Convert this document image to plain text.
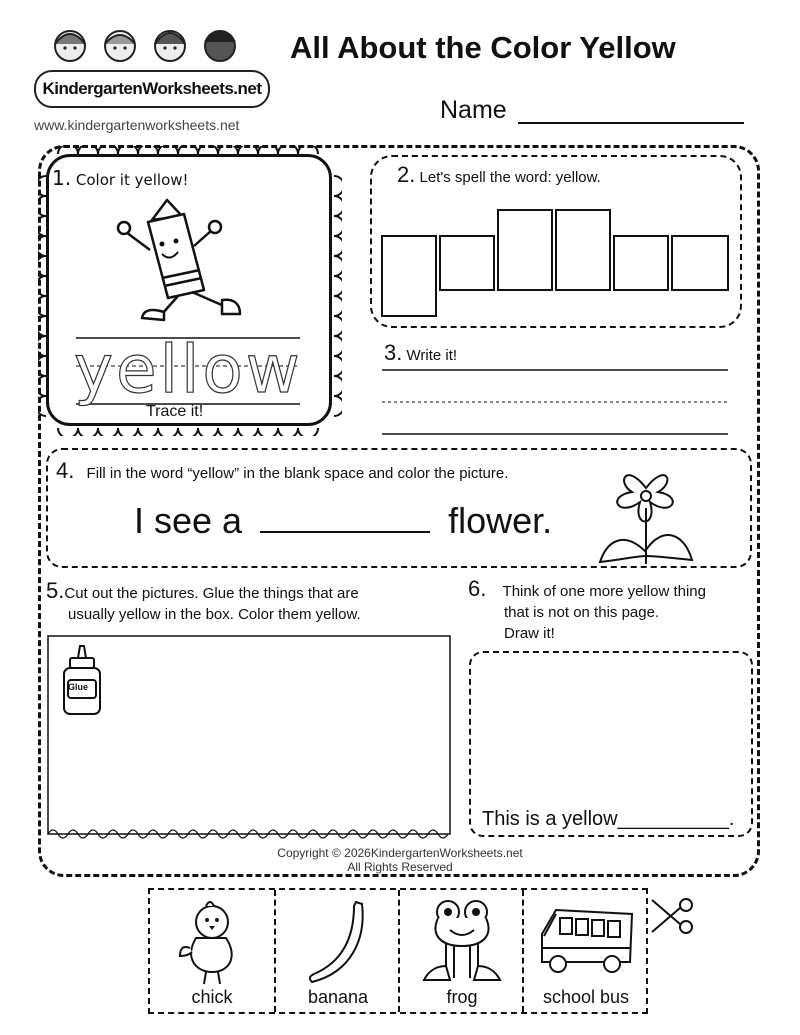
KindergartenWorksheets.net
www.kindergartenworksheets.net
All About the Color Yellow
Name
1. Color it yellow!
yellow
Trace it!
2. Let's spell the word: yellow.
3. Write it!
4. Fill in the word “yellow” in the blank space and color the picture.
I see a	flower.
5.Cut out the pictures. Glue the things that are
usually yellow in the box. Color them yellow.
Glue
6. Think of one more yellow thing
that is not on this page.
Draw it!
This is a yellow__________.
Copyright © 2026KindergartenWorksheets.net
All Rights Reserved
chick	banana	frog	school bus
